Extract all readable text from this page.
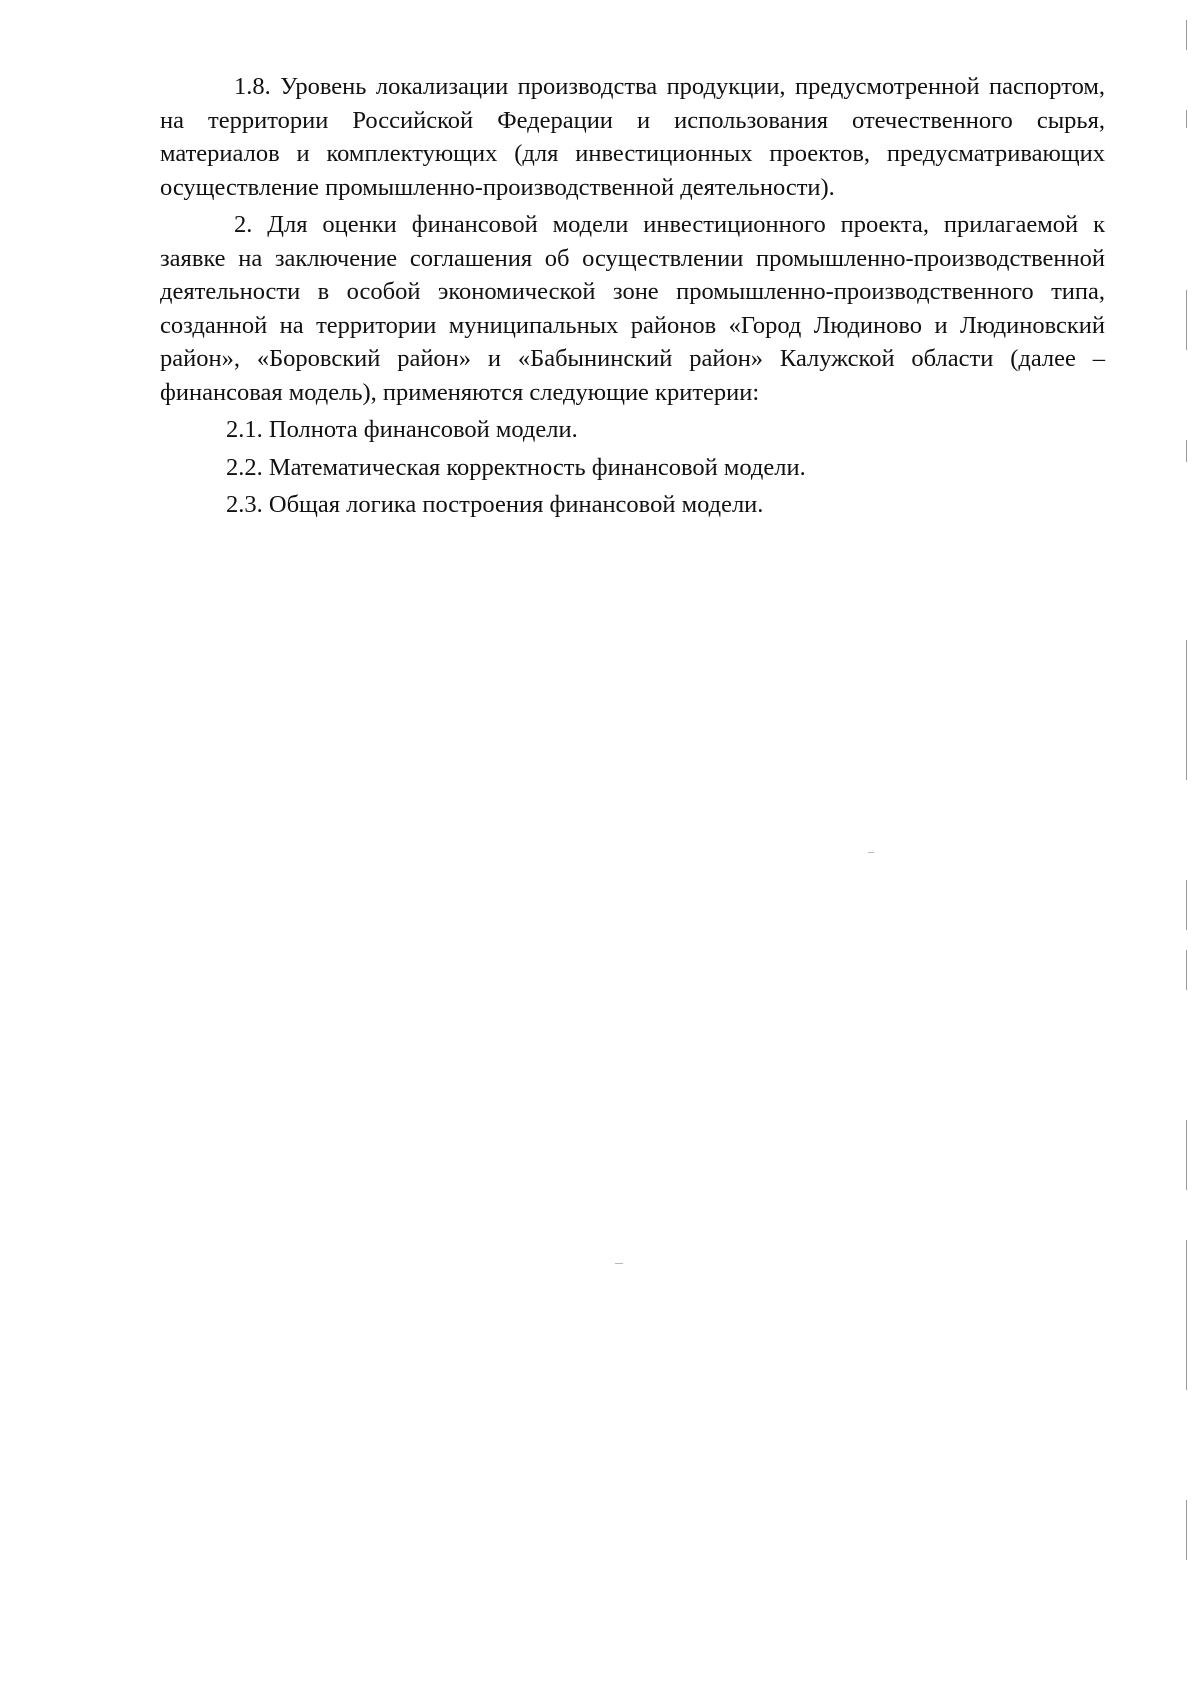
1.8. Уровень локализации производства продукции, предусмотренной паспортом, на территории Российской Федерации и использования отечественного сырья, материалов и комплектующих (для инвестиционных проектов, предусматривающих осуществление промышленно-производственной деятельности).

2. Для оценки финансовой модели инвестиционного проекта, прилагаемой к заявке на заключение соглашения об осуществлении промышленно-производственной деятельности в особой экономической зоне промышленно-производственного типа, созданной на территории муниципальных районов «Город Людиново и Людиновский район», «Боровский район» и «Бабынинский район» Калужской области (далее – финансовая модель), применяются следующие критерии:

2.1. Полнота финансовой модели.

2.2. Математическая корректность финансовой модели.

2.3. Общая логика построения финансовой модели.
